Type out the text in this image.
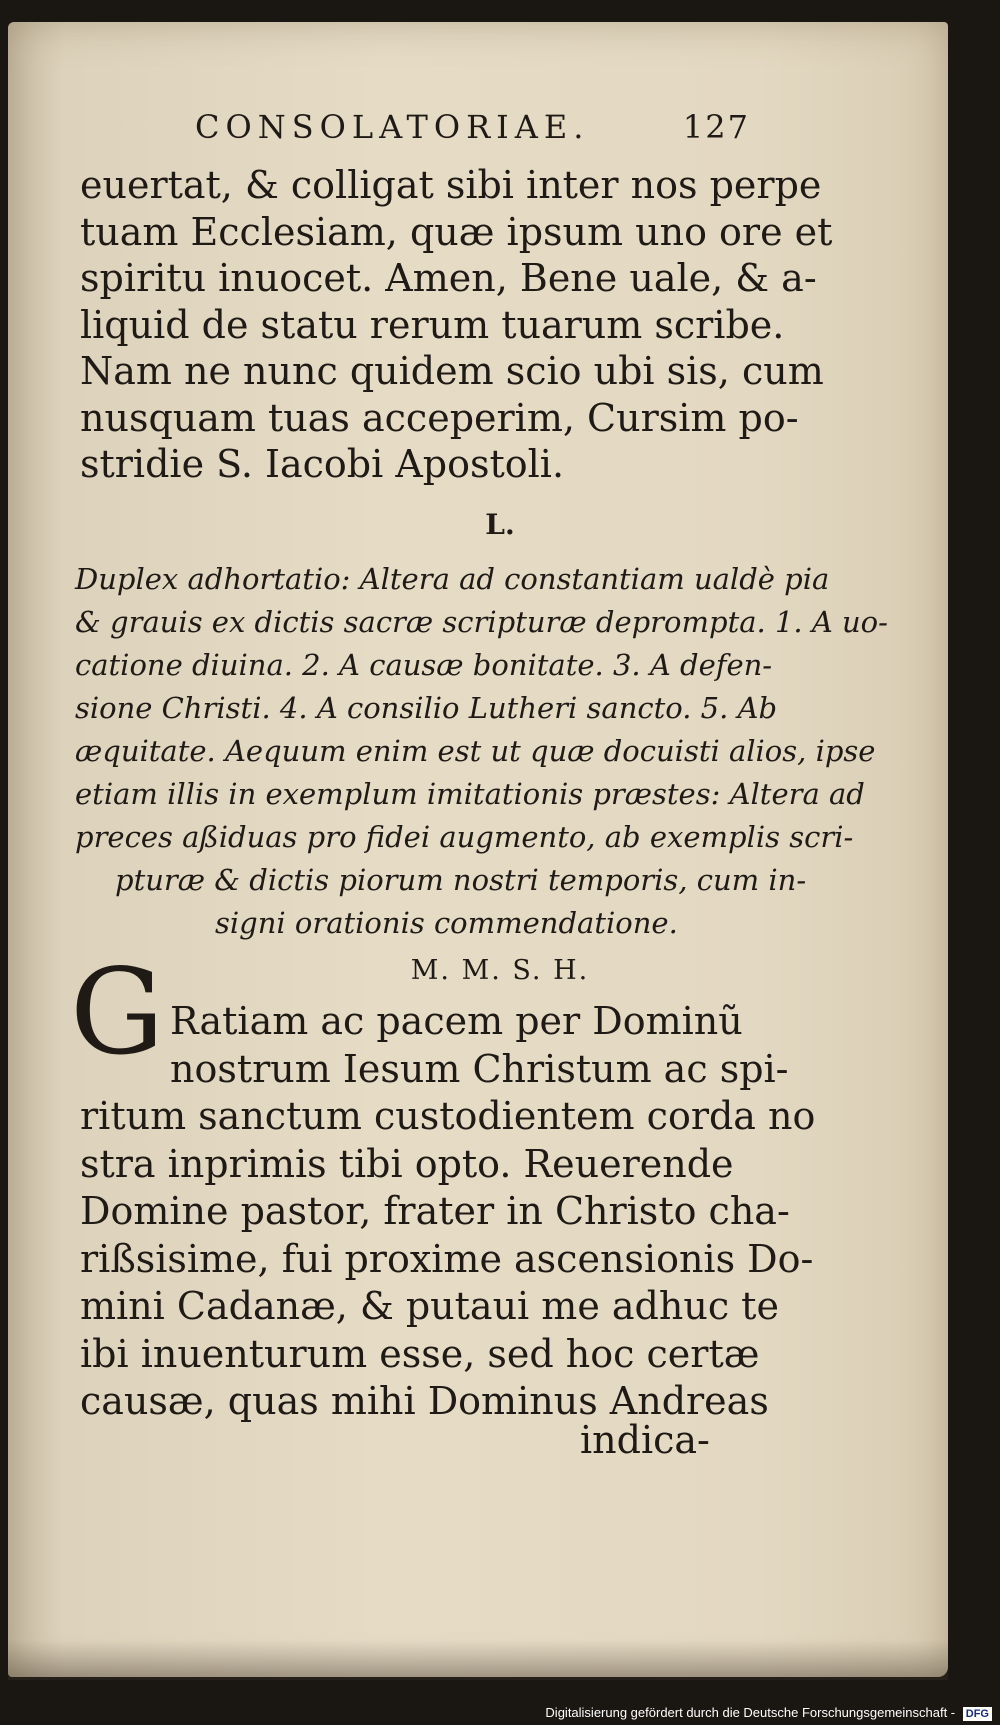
CONSOLATORIAE.	127
euertat, & colligat sibi inter nos perpe
tuam Ecclesiam, quæ ipsum uno ore et
spiritu inuocet. Amen, Bene uale, & a-
liquid de statu rerum tuarum scribe.
Nam ne nunc quidem scio ubi sis, cum
nusquam tuas acceperim, Cursim po-
stridie S. Iacobi Apostoli.
L.
Duplex adhortatio: Altera ad constantiam ualdè pia
& grauis ex dictis sacræ scripturæ deprompta. 1. A uo-
catione diuina. 2. A causæ bonitate. 3. A defen-
sione Christi. 4. A consilio Lutheri sancto. 5. Ab
æquitate. Aequum enim est ut quæ docuisti alios, ipse
etiam illis in exemplum imitationis præstes: Altera ad
preces aßiduas pro fidei augmento, ab exemplis scri-
pturæ & dictis piorum nostri temporis, cum in-
signi orationis commendatione.
M. M. S. H.
G Ratiam ac pacem per Dominũ
nostrum Iesum Christum ac spi-
ritum sanctum custodientem corda no
stra inprimis tibi opto. Reuerende
Domine pastor, frater in Christo cha-
rißsisime, fui proxime ascensionis Do-
mini Cadanæ, & putaui me adhuc te
ibi inuenturum esse, sed hoc certæ
causæ, quas mihi Dominus Andreas
indica-
Digitalisierung gefördert durch die Deutsche Forschungsgemeinschaft - DFG
